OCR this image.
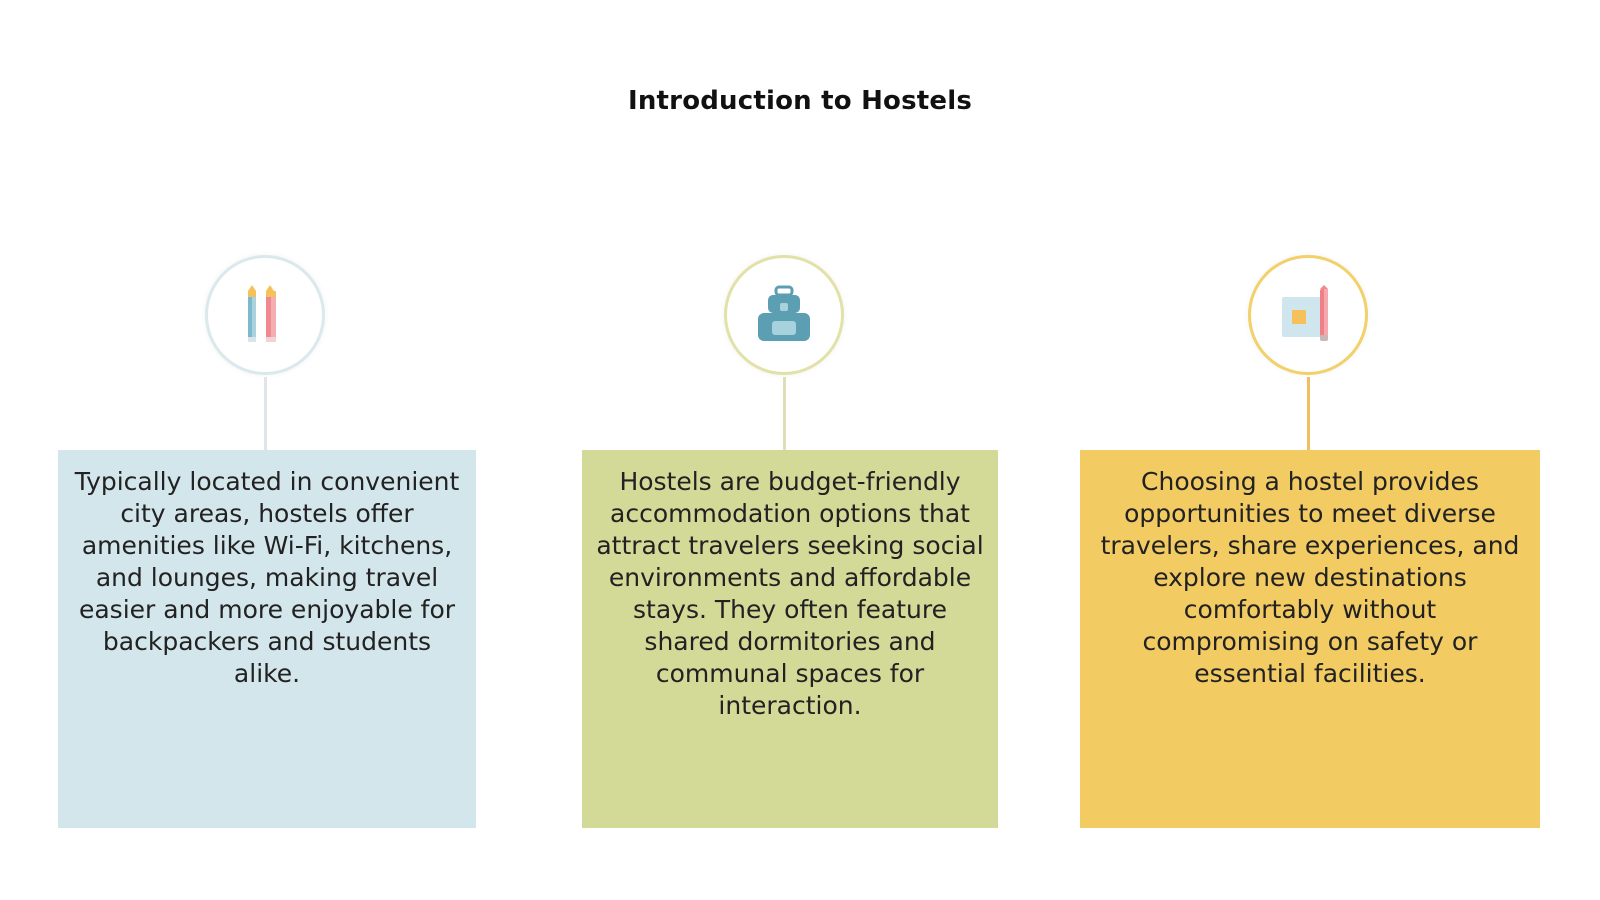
Introduction to Hostels

Typically located in convenient city areas, hostels offer amenities like Wi-Fi, kitchens, and lounges, making travel easier and more enjoyable for backpackers and students alike.

Hostels are budget-friendly accommodation options that attract travelers seeking social environments and affordable stays. They often feature shared dormitories and communal spaces for interaction.

Choosing a hostel provides opportunities to meet diverse travelers, share experiences, and explore new destinations comfortably without compromising on safety or essential facilities.
